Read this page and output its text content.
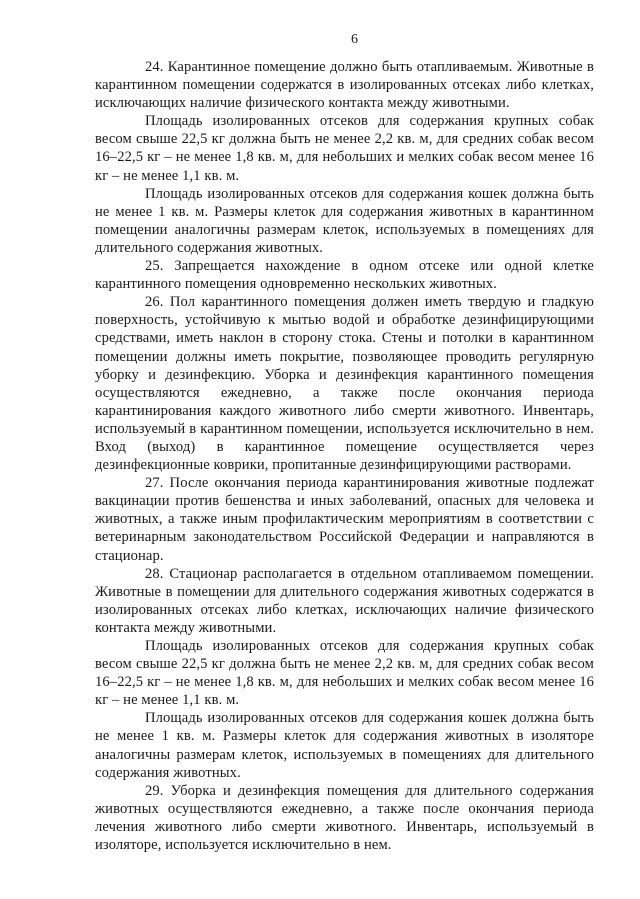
6

24. Карантинное помещение должно быть отапливаемым. Животные в карантинном помещении содержатся в изолированных отсеках либо клетках, исключающих наличие физического контакта между животными.

Площадь изолированных отсеков для содержания крупных собак весом свыше 22,5 кг должна быть не менее 2,2 кв. м, для средних собак весом 16–22,5 кг – не менее 1,8 кв. м, для небольших и мелких собак весом менее 16 кг – не менее 1,1 кв. м.

Площадь изолированных отсеков для содержания кошек должна быть не менее 1 кв. м. Размеры клеток для содержания животных в карантинном помещении аналогичны размерам клеток, используемых в помещениях для длительного содержания животных.

25. Запрещается нахождение в одном отсеке или одной клетке карантинного помещения одновременно нескольких животных.

26. Пол карантинного помещения должен иметь твердую и гладкую поверхность, устойчивую к мытью водой и обработке дезинфицирующими средствами, иметь наклон в сторону стока. Стены и потолки в карантинном помещении должны иметь покрытие, позволяющее проводить регулярную уборку и дезинфекцию. Уборка и дезинфекция карантинного помещения осуществляются ежедневно, а также после окончания периода карантинирования каждого животного либо смерти животного. Инвентарь, используемый в карантинном помещении, используется исключительно в нем. Вход (выход) в карантинное помещение осуществляется через дезинфекционные коврики, пропитанные дезинфицирующими растворами.

27. После окончания периода карантинирования животные подлежат вакцинации против бешенства и иных заболеваний, опасных для человека и животных, а также иным профилактическим мероприятиям в соответствии с ветеринарным законодательством Российской Федерации и направляются в стационар.

28. Стационар располагается в отдельном отапливаемом помещении. Животные в помещении для длительного содержания животных содержатся в изолированных отсеках либо клетках, исключающих наличие физического контакта между животными.

Площадь изолированных отсеков для содержания крупных собак весом свыше 22,5 кг должна быть не менее 2,2 кв. м, для средних собак весом 16–22,5 кг – не менее 1,8 кв. м, для небольших и мелких собак весом менее 16 кг – не менее 1,1 кв. м.

Площадь изолированных отсеков для содержания кошек должна быть не менее 1 кв. м. Размеры клеток для содержания животных в изоляторе аналогичны размерам клеток, используемых в помещениях для длительного содержания животных.

29. Уборка и дезинфекция помещения для длительного содержания животных осуществляются ежедневно, а также после окончания периода лечения животного либо смерти животного. Инвентарь, используемый в изоляторе, используется исключительно в нем.
